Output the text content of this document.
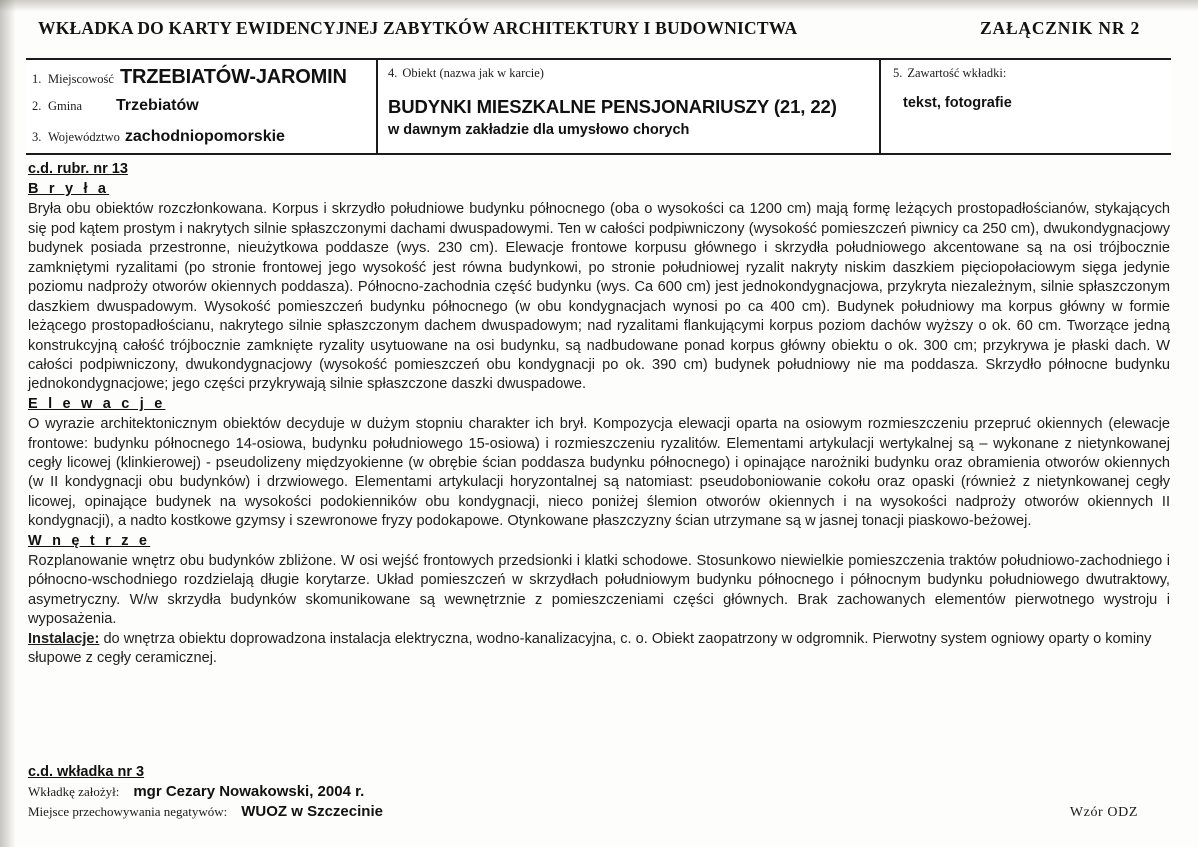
WKŁADKA DO KARTY EWIDENCYJNEJ ZABYTKÓW ARCHITEKTURY I BUDOWNICTWA	ZAŁĄCZNIK NR 2
1. Miejscowość TRZEBIATÓW-JAROMIN
2. Gmina Trzebiatów
3. Województwo zachodniopomorskie
4. Obiekt (nazwa jak w karcie)
BUDYNKI MIESZKALNE PENSJONARIUSZY (21, 22)
w dawnym zakładzie dla umysłowo chorych
5. Zawartość wkładki:
tekst, fotografie
c.d. rubr. nr 13
B r y ł a

Bryła obu obiektów rozczłonkowana. Korpus i skrzydło południowe budynku północnego (oba o wysokości ca 1200 cm) mają formę leżących prostopadłościanów, stykających się pod kątem prostym i nakrytych silnie spłaszczonymi dachami dwuspadowymi. Ten w całości podpiwniczony (wysokość pomieszczeń piwnicy ca 250 cm), dwukondygnacjowy budynek posiada przestronne, nieużytkowa poddasze (wys. 230 cm). Elewacje frontowe korpusu głównego i skrzydła południowego akcentowane są na osi trójbocznie zamkniętymi ryzalitami (po stronie frontowej jego wysokość jest równa budynkowi, po stronie południowej ryzalit nakryty niskim daszkiem pięciopołaciowym sięga jedynie poziomu nadproży otworów okiennych poddasza). Północno-zachodnia część budynku (wys. Ca 600 cm) jest jednokondygnacjowa, przykryta niezależnym, silnie spłaszczonym daszkiem dwuspadowym. Wysokość pomieszczeń budynku północnego (w obu kondygnacjach wynosi po ca 400 cm). Budynek południowy ma korpus główny w formie leżącego prostopadłościanu, nakrytego silnie spłaszczonym dachem dwuspadowym; nad ryzalitami flankującymi korpus poziom dachów wyższy o ok. 60 cm. Tworzące jedną konstrukcyjną całość trójbocznie zamknięte ryzality usytuowane na osi budynku, są nadbudowane ponad korpus główny obiektu o ok. 300 cm; przykrywa je płaski dach. W całości podpiwniczony, dwukondygnacjowy (wysokość pomieszczeń obu kondygnacji po ok. 390 cm) budynek południowy nie ma poddasza. Skrzydło północne budynku jednokondygnacjowe; jego części przykrywają silnie spłaszczone daszki dwuspadowe.

E l e w a c j e

O wyrazie architektonicznym obiektów decyduje w dużym stopniu charakter ich brył. Kompozycja elewacji oparta na osiowym rozmieszczeniu przepruć okiennych (elewacje frontowe: budynku północnego 14-osiowa, budynku południowego 15-osiowa) i rozmieszczeniu ryzalitów. Elementami artykulacji wertykalnej są – wykonane z nietynkowanej cegły licowej (klinkierowej) - pseudolizeny międzyokienne (w obrębie ścian poddasza budynku północnego) i opinające narożniki budynku oraz obramienia otworów okiennych (w II kondygnacji obu budynków) i drzwiowego. Elementami artykulacji horyzontalnej są natomiast: pseudoboniowanie cokołu oraz opaski (również z nietynkowanej cegły licowej, opinające budynek na wysokości podokienników obu kondygnacji, nieco poniżej ślemion otworów okiennych i na wysokości nadproży otworów okiennych II kondygnacji), a nadto kostkowe gzymsy i szewronowe fryzy podokapowe. Otynkowane płaszczyzny ścian utrzymane są w jasnej tonacji piaskowo-beżowej.

W n ę t r z e

Rozplanowanie wnętrz obu budynków zbliżone. W osi wejść frontowych przedsionki i klatki schodowe. Stosunkowo niewielkie pomieszczenia traktów południowo-zachodniego i północno-wschodniego rozdzielają długie korytarze. Układ pomieszczeń w skrzydłach południowym budynku północnego i północnym budynku południowego dwutraktowy, asymetryczny. W/w skrzydła budynków skomunikowane są wewnętrznie z pomieszczeniami części głównych. Brak zachowanych elementów pierwotnego wystroju i wyposażenia.

Instalacje: do wnętrza obiektu doprowadzona instalacja elektryczna, wodno-kanalizacyjna, c. o. Obiekt zaopatrzony w odgromnik. Pierwotny system ogniowy oparty o kominy słupowe z cegły ceramicznej.

c.d. wkładka nr 3
Wkładkę założył: mgr Cezary Nowakowski, 2004 r.
Miejsce przechowywania negatywów: WUOZ w Szczecinie	Wzór ODZ
